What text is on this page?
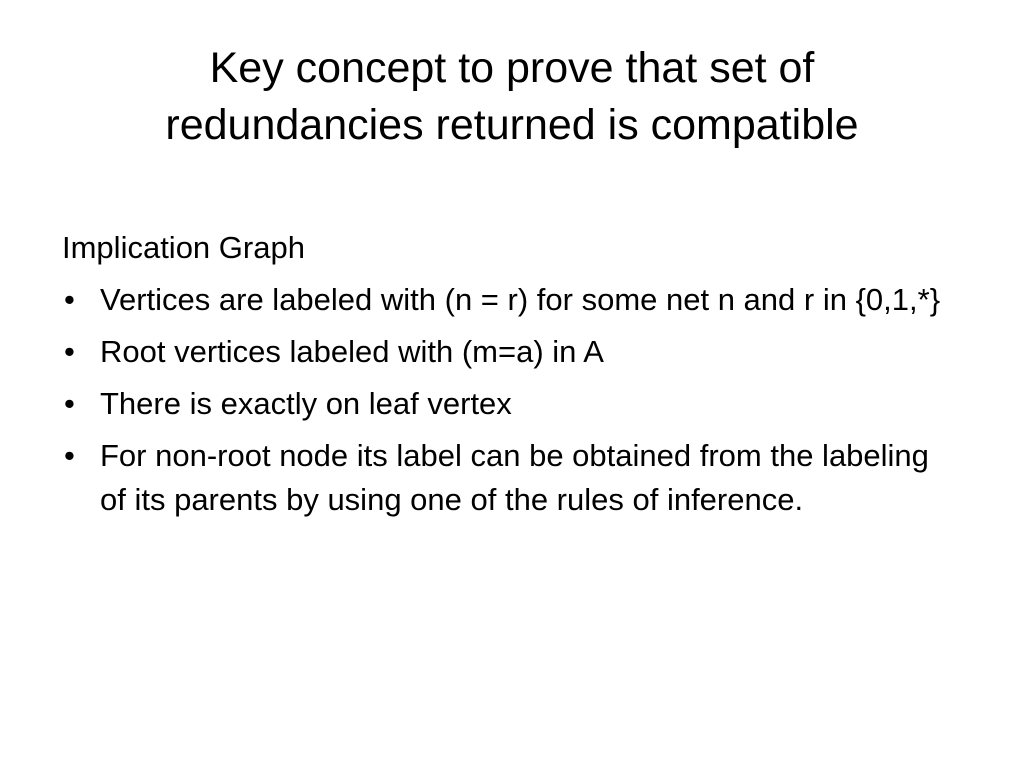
Key concept to prove that set of
redundancies returned is compatible
Implication Graph
• Vertices are labeled with (n = r) for some net n and r in {0,1,*}
• Root vertices labeled with (m=a) in A
• There is exactly on leaf vertex
• For non-root node its label can be obtained from the labeling of its parents by using one of the rules of inference.
